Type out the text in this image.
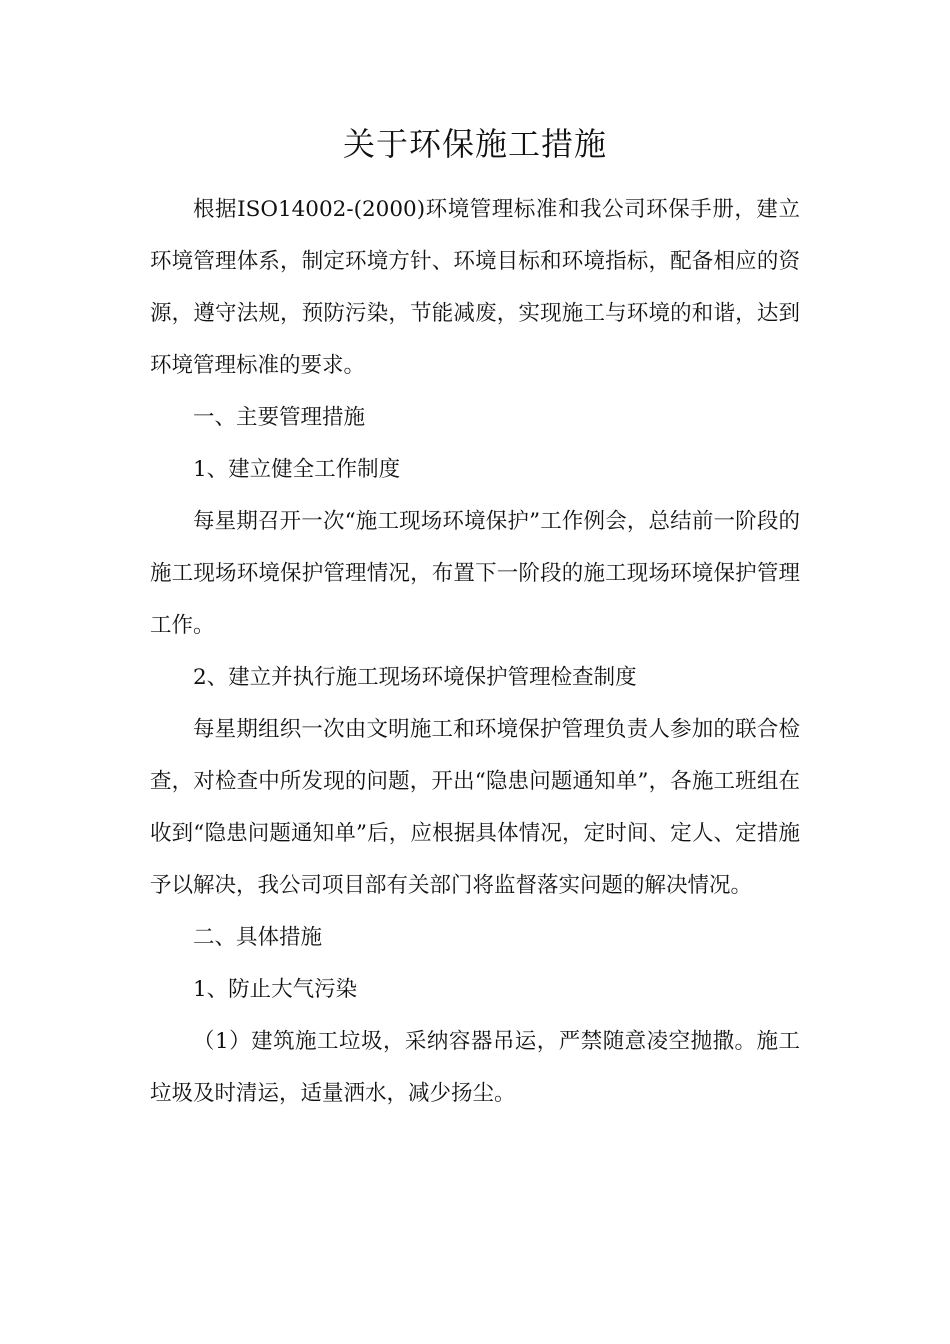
关于环保施工措施

根据ISO14002-(2000)环境管理标准和我公司环保手册，建立环境管理体系，制定环境方针、环境目标和环境指标，配备相应的资源，遵守法规，预防污染，节能减废，实现施工与环境的和谐，达到环境管理标准的要求。

一、主要管理措施

1、建立健全工作制度

每星期召开一次“施工现场环境保护”工作例会，总结前一阶段的施工现场环境保护管理情况，布置下一阶段的施工现场环境保护管理工作。

2、建立并执行施工现场环境保护管理检查制度

每星期组织一次由文明施工和环境保护管理负责人参加的联合检查，对检查中所发现的问题，开出“隐患问题通知单”，各施工班组在收到“隐患问题通知单”后，应根据具体情况，定时间、定人、定措施予以解决，我公司项目部有关部门将监督落实问题的解决情况。

二、具体措施

1、防止大气污染

（1）建筑施工垃圾，采纳容器吊运，严禁随意凌空抛撒。施工垃圾及时清运，适量洒水，减少扬尘。
